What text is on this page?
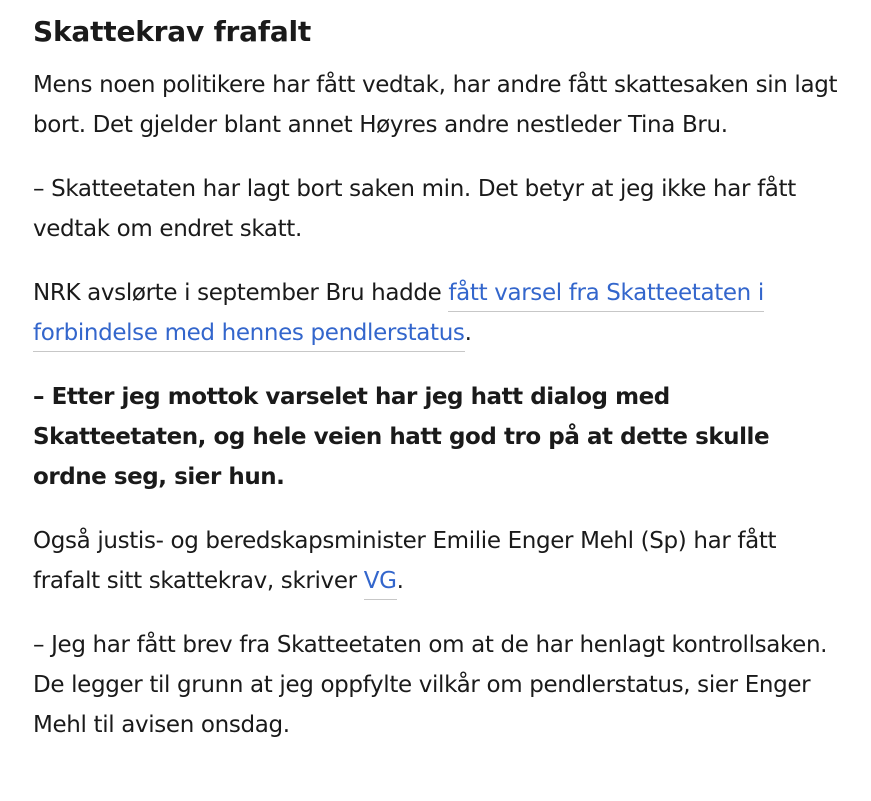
Skattekrav frafalt

Mens noen politikere har fått vedtak, har andre fått skattesaken sin lagt bort. Det gjelder blant annet Høyres andre nestleder Tina Bru.

– Skatteetaten har lagt bort saken min. Det betyr at jeg ikke har fått vedtak om endret skatt.

NRK avslørte i september Bru hadde fått varsel fra Skatteetaten i forbindelse med hennes pendlerstatus.

– Etter jeg mottok varselet har jeg hatt dialog med Skatteetaten, og hele veien hatt god tro på at dette skulle ordne seg, sier hun.

Også justis- og beredskapsminister Emilie Enger Mehl (Sp) har fått frafalt sitt skattekrav, skriver VG.

– Jeg har fått brev fra Skatteetaten om at de har henlagt kontrollsaken. De legger til grunn at jeg oppfylte vilkår om pendlerstatus, sier Enger Mehl til avisen onsdag.
